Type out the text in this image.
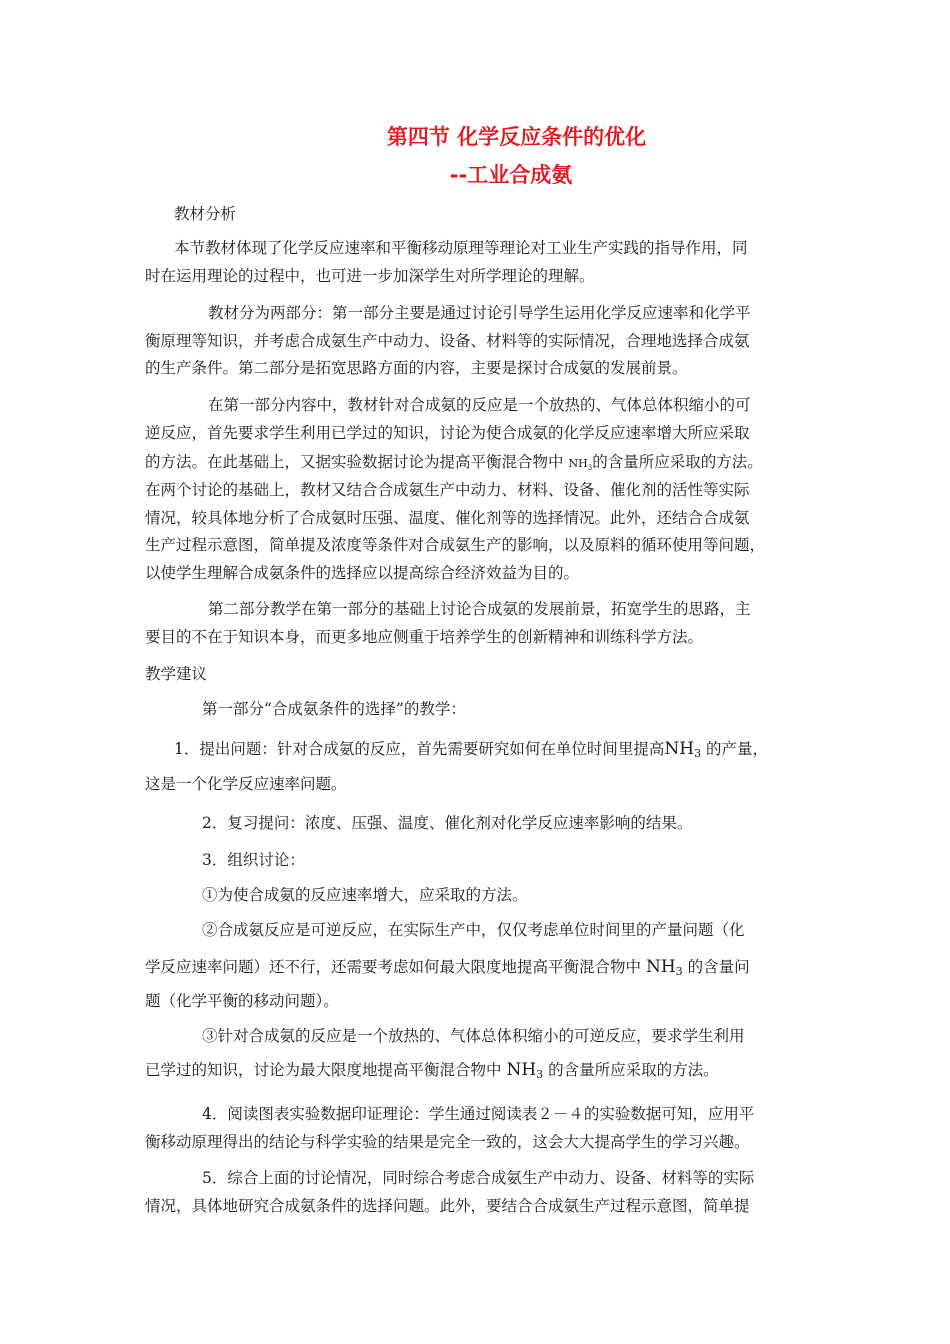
第四节 化学反应条件的优化
--工业合成氨
教材分析
本节教材体现了化学反应速率和平衡移动原理等理论对工业生产实践的指导作用，同
时在运用理论的过程中，也可进一步加深学生对所学理论的理解。
教材分为两部分：第一部分主要是通过讨论引导学生运用化学反应速率和化学平
衡原理等知识，并考虑合成氨生产中动力、设备、材料等的实际情况，合理地选择合成氨
的生产条件。第二部分是拓宽思路方面的内容，主要是探讨合成氨的发展前景。
在第一部分内容中，教材针对合成氨的反应是一个放热的、气体总体积缩小的可
逆反应，首先要求学生利用已学过的知识，讨论为使合成氨的化学反应速率增大所应采取
的方法。在此基础上，又据实验数据讨论为提高平衡混合物中 $NH_3$的含量所应采取的方法。
在两个讨论的基础上，教材又结合合成氨生产中动力、材料、设备、催化剂的活性等实际
情况，较具体地分析了合成氨时压强、温度、催化剂等的选择情况。此外，还结合合成氨
生产过程示意图，简单提及浓度等条件对合成氨生产的影响，以及原料的循环使用等问题，
以使学生理解合成氨条件的选择应以提高综合经济效益为目的。
第二部分教学在第一部分的基础上讨论合成氨的发展前景，拓宽学生的思路，主
要目的不在于知识本身，而更多地应侧重于培养学生的创新精神和训练科学方法。
教学建议
第一部分“合成氨条件的选择”的教学：
1．提出问题：针对合成氨的反应，首先需要研究如何在单位时间里提高$NH_3$ 的产量，
这是一个化学反应速率问题。
2．复习提问：浓度、压强、温度、催化剂对化学反应速率影响的结果。
3．组织讨论：
①为使合成氨的反应速率增大，应采取的方法。
②合成氨反应是可逆反应，在实际生产中，仅仅考虑单位时间里的产量问题（化
学反应速率问题）还不行，还需要考虑如何最大限度地提高平衡混合物中 $NH_3$ 的含量问
题（化学平衡的移动问题）。
③针对合成氨的反应是一个放热的、气体总体积缩小的可逆反应，要求学生利用
已学过的知识，讨论为最大限度地提高平衡混合物中 $NH_3$ 的含量所应采取的方法。
4．阅读图表实验数据印证理论：学生通过阅读表２－４的实验数据可知，应用平
衡移动原理得出的结论与科学实验的结果是完全一致的，这会大大提高学生的学习兴趣。
5．综合上面的讨论情况，同时综合考虑合成氨生产中动力、设备、材料等的实际
情况，具体地研究合成氨条件的选择问题。此外，要结合合成氨生产过程示意图，简单提
